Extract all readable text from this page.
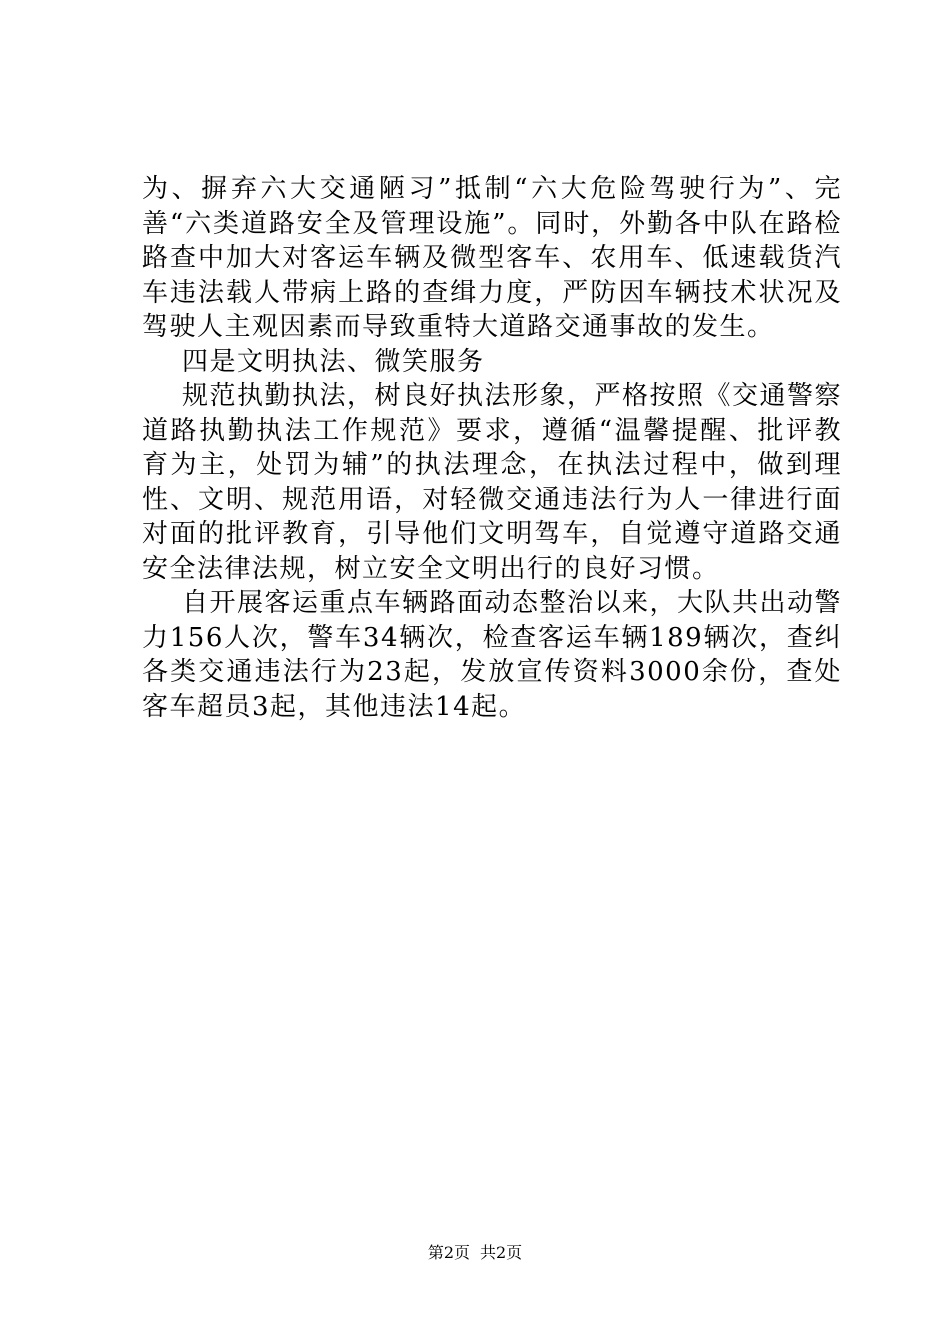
为、摒弃六大交通陋习”抵制“六大危险驾驶行为”、完善“六类道路安全及管理设施”。同时，外勤各中队在路检路查中加大对客运车辆及微型客车、农用车、低速载货汽车违法载人带病上路的查缉力度，严防因车辆技术状况及驾驶人主观因素而导致重特大道路交通事故的发生。

四是文明执法、微笑服务

规范执勤执法，树良好执法形象，严格按照《交通警察道路执勤执法工作规范》要求，遵循“温馨提醒、批评教育为主，处罚为辅”的执法理念，在执法过程中，做到理性、文明、规范用语，对轻微交通违法行为人一律进行面对面的批评教育，引导他们文明驾车，自觉遵守道路交通安全法律法规，树立安全文明出行的良好习惯。

自开展客运重点车辆路面动态整治以来，大队共出动警力156人次，警车34辆次，检查客运车辆189辆次，查纠各类交通违法行为23起，发放宣传资料3000余份，查处客车超员3起，其他违法14起。

第2页 共2页
